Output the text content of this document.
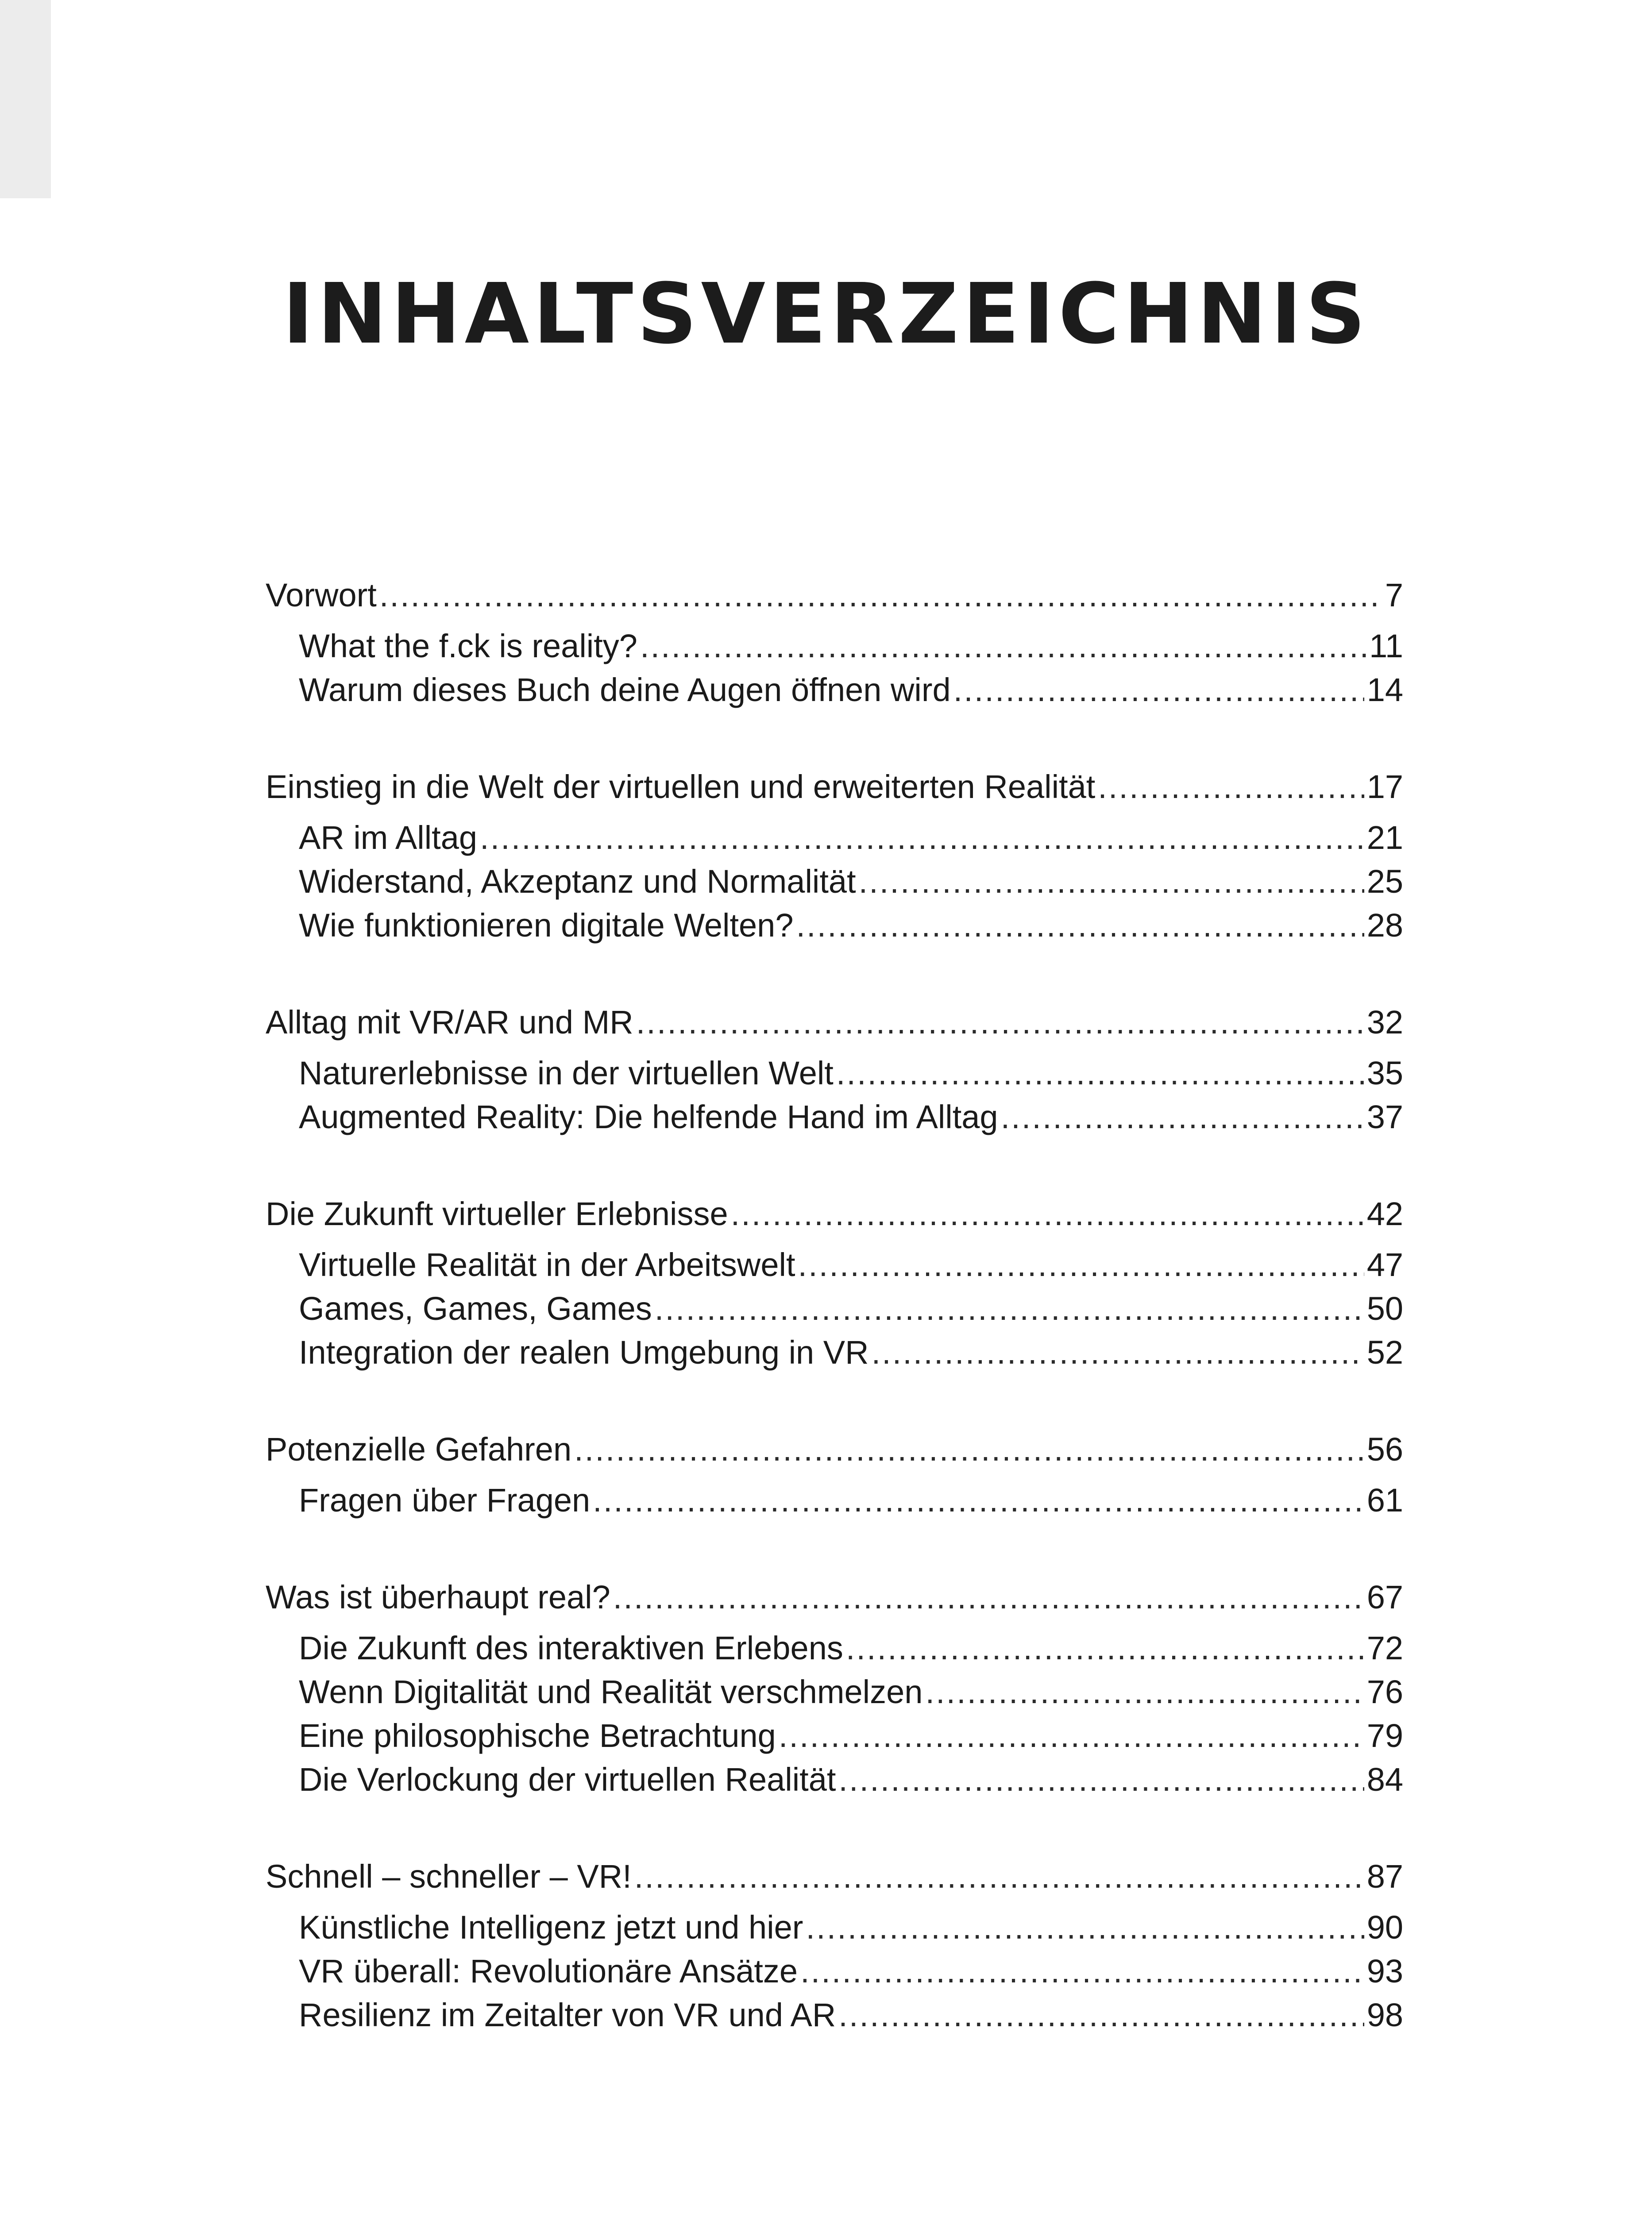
INHALTSVERZEICHNIS
Vorwort .....	7
What the f.ck is reality? .....	11
Warum dieses Buch deine Augen öffnen wird .....	14
Einstieg in die Welt der virtuellen und erweiterten Realität .....	17
AR im Alltag .....	21
Widerstand, Akzeptanz und Normalität .....	25
Wie funktionieren digitale Welten? .....	28
Alltag mit VR/AR und MR .....	32
Naturerlebnisse in der virtuellen Welt .....	35
Augmented Reality: Die helfende Hand im Alltag .....	37
Die Zukunft virtueller Erlebnisse .....	42
Virtuelle Realität in der Arbeitswelt .....	47
Games, Games, Games .....	50
Integration der realen Umgebung in VR .....	52
Potenzielle Gefahren .....	56
Fragen über Fragen .....	61
Was ist überhaupt real? .....	67
Die Zukunft des interaktiven Erlebens .....	72
Wenn Digitalität und Realität verschmelzen .....	76
Eine philosophische Betrachtung .....	79
Die Verlockung der virtuellen Realität .....	84
Schnell – schneller – VR! .....	87
Künstliche Intelligenz jetzt und hier .....	90
VR überall: Revolutionäre Ansätze .....	93
Resilienz im Zeitalter von VR und AR .....	98
